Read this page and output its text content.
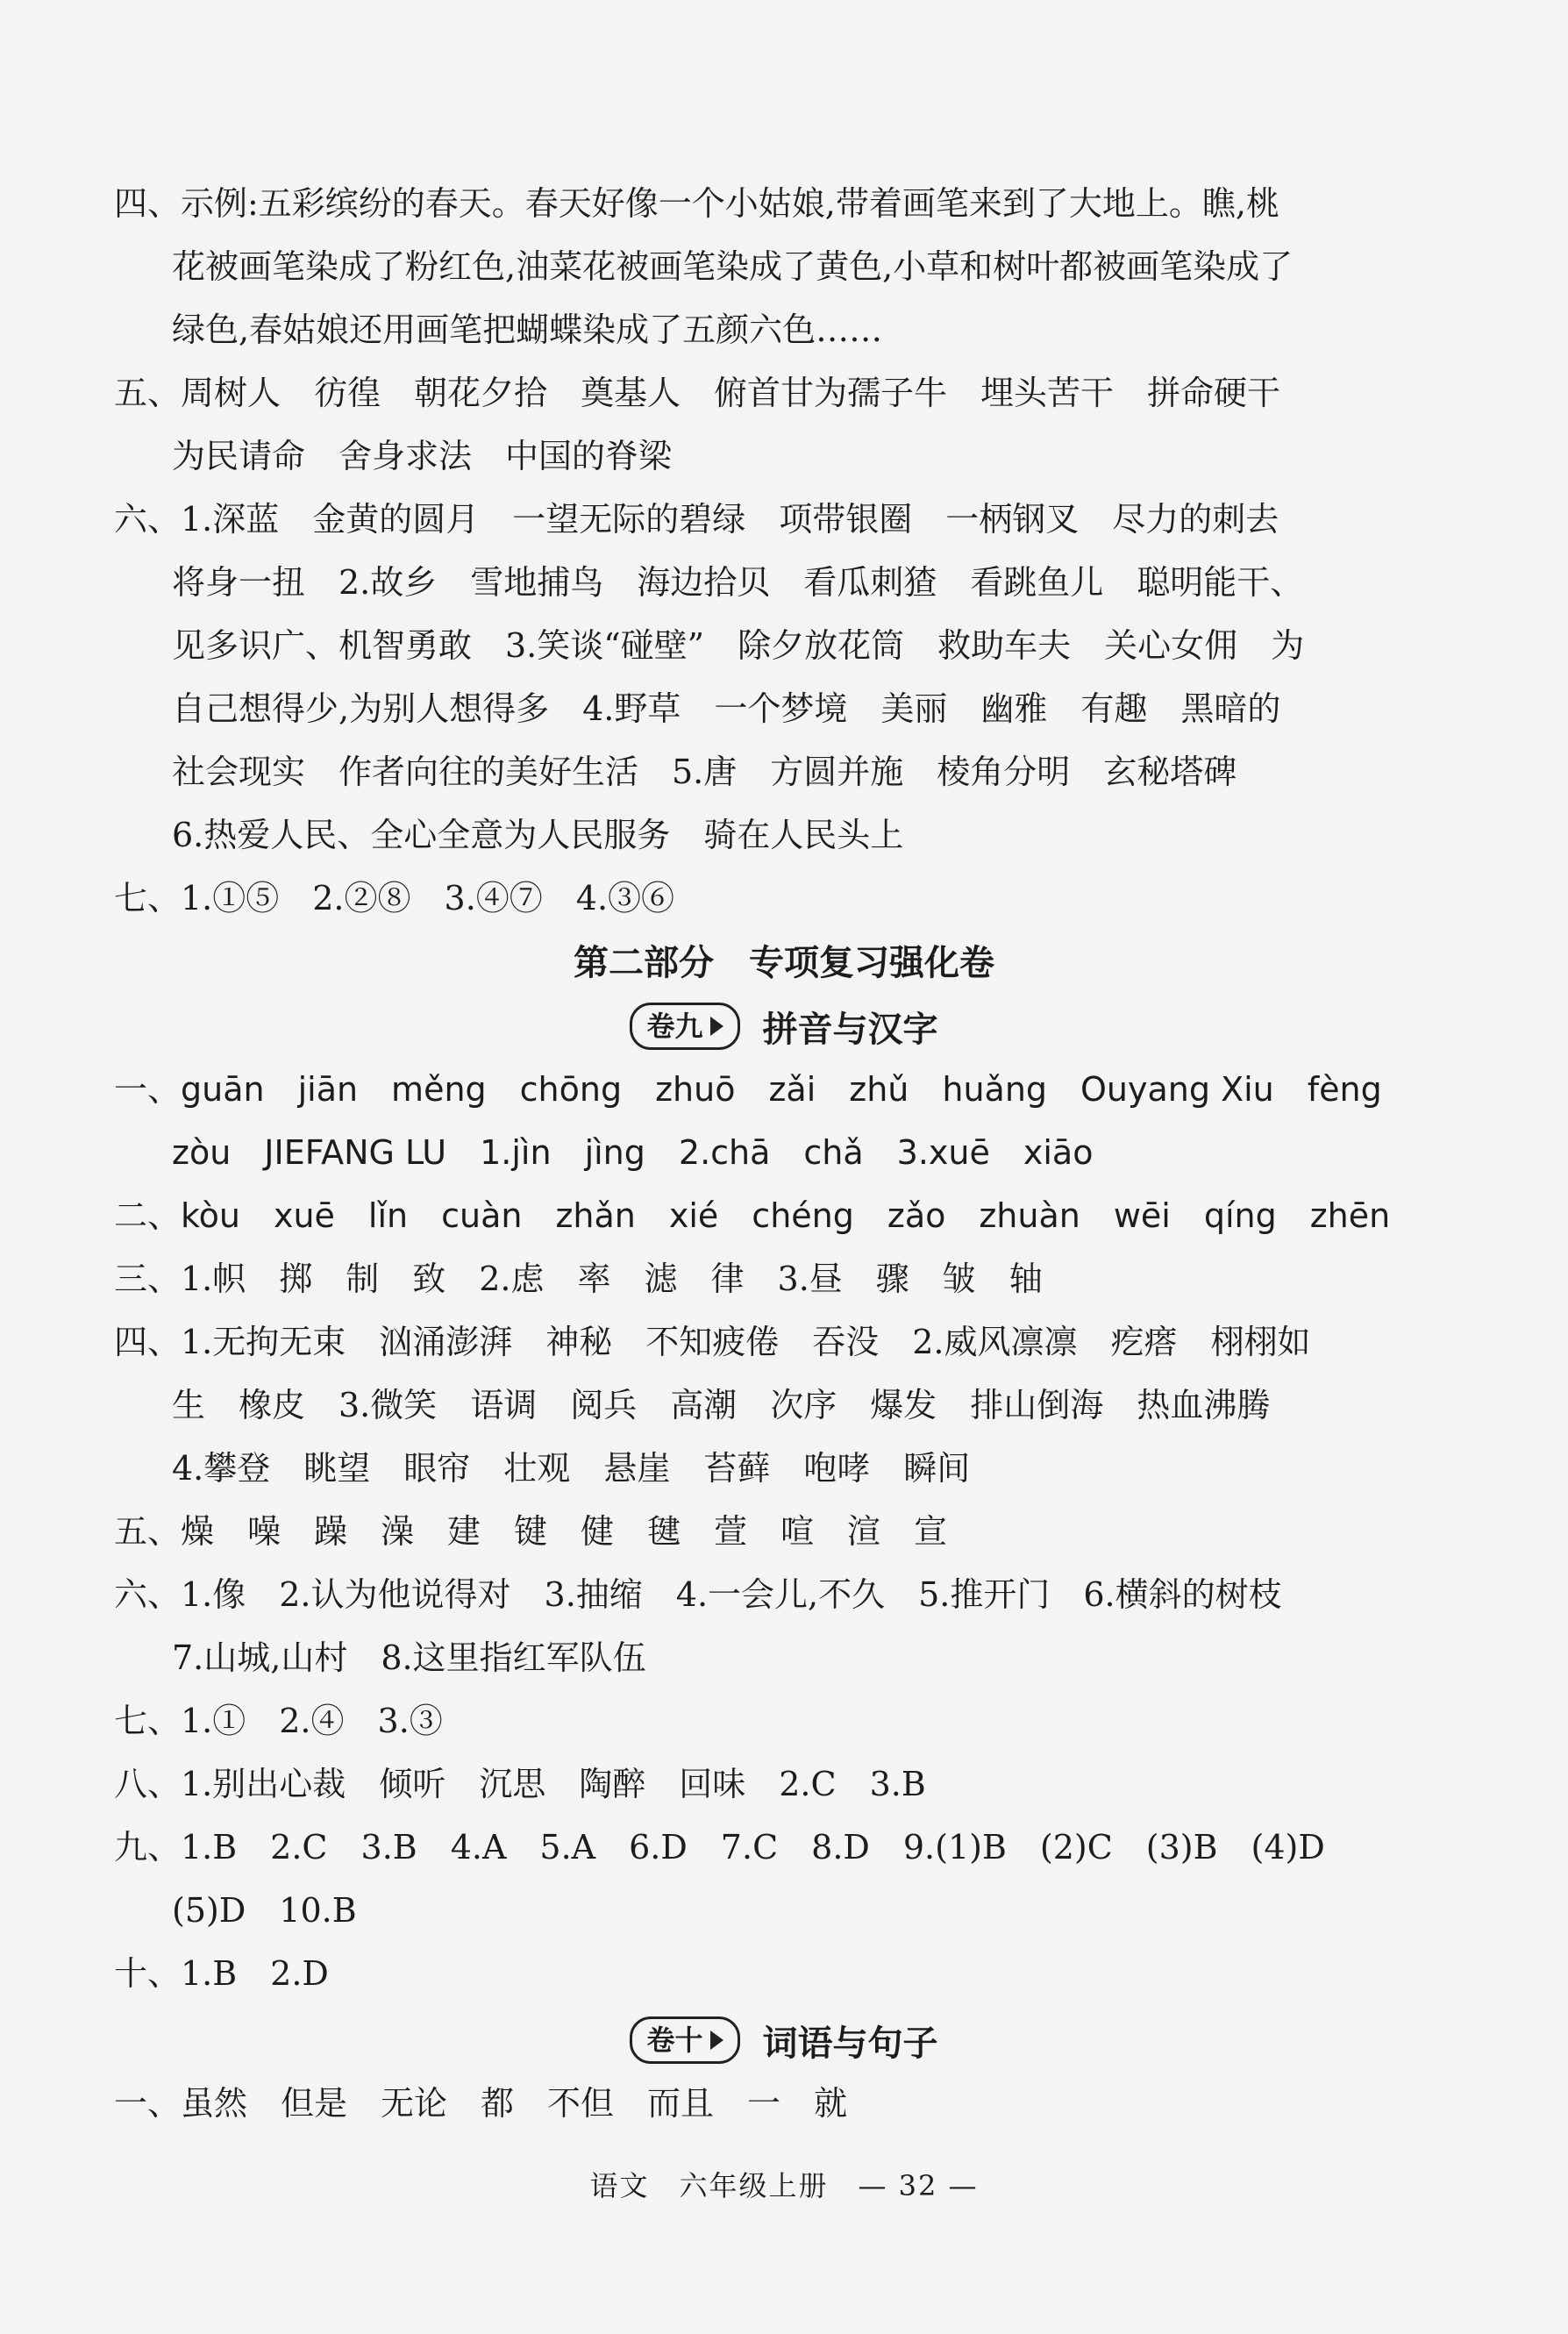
四、示例:五彩缤纷的春天。春天好像一个小姑娘,带着画笔来到了大地上。瞧,桃
花被画笔染成了粉红色,油菜花被画笔染成了黄色,小草和树叶都被画笔染成了
绿色,春姑娘还用画笔把蝴蝶染成了五颜六色……
五、周树人　彷徨　朝花夕拾　奠基人　俯首甘为孺子牛　埋头苦干　拼命硬干
为民请命　舍身求法　中国的脊梁
六、1.深蓝　金黄的圆月　一望无际的碧绿　项带银圈　一柄钢叉　尽力的刺去
将身一扭　2.故乡　雪地捕鸟　海边拾贝　看瓜刺猹　看跳鱼儿　聪明能干、
见多识广、机智勇敢　3.笑谈“碰壁”　除夕放花筒　救助车夫　关心女佣　为
自己想得少,为别人想得多　4.野草　一个梦境　美丽　幽雅　有趣　黑暗的
社会现实　作者向往的美好生活　5.唐　方圆并施　棱角分明　玄秘塔碑
6.热爱人民、全心全意为人民服务　骑在人民头上
七、1.①⑤　2.②⑧　3.④⑦　4.③⑥
第二部分　专项复习强化卷
卷九 拼音与汉字
一、guān　jiān　měng　chōng　zhuō　zǎi　zhǔ　huǎng　Ouyang Xiu　fèng
zòu　JIEFANG LU　1.jìn　jìng　2.chā　chǎ　3.xuē　xiāo
二、kòu　xuē　lǐn　cuàn　zhǎn　xié　chéng　zǎo　zhuàn　wēi　qíng　zhēn
三、1.帜　掷　制　致　2.虑　率　滤　律　3.昼　骤　皱　轴
四、1.无拘无束　汹涌澎湃　神秘　不知疲倦　吞没　2.威风凛凛　疙瘩　栩栩如
生　橡皮　3.微笑　语调　阅兵　高潮　次序　爆发　排山倒海　热血沸腾
4.攀登　眺望　眼帘　壮观　悬崖　苔藓　咆哮　瞬间
五、燥　噪　躁　澡　建　键　健　毽　萱　喧　渲　宣
六、1.像　2.认为他说得对　3.抽缩　4.一会儿,不久　5.推开门　6.横斜的树枝
7.山城,山村　8.这里指红军队伍
七、1.①　2.④　3.③
八、1.别出心裁　倾听　沉思　陶醉　回味　2.C　3.B
九、1.B　2.C　3.B　4.A　5.A　6.D　7.C　8.D　9.(1)B　(2)C　(3)B　(4)D
(5)D　10.B
十、1.B　2.D
卷十 词语与句子
一、虽然　但是　无论　都　不但　而且　一　就
语文　六年级上册　— 32 —
